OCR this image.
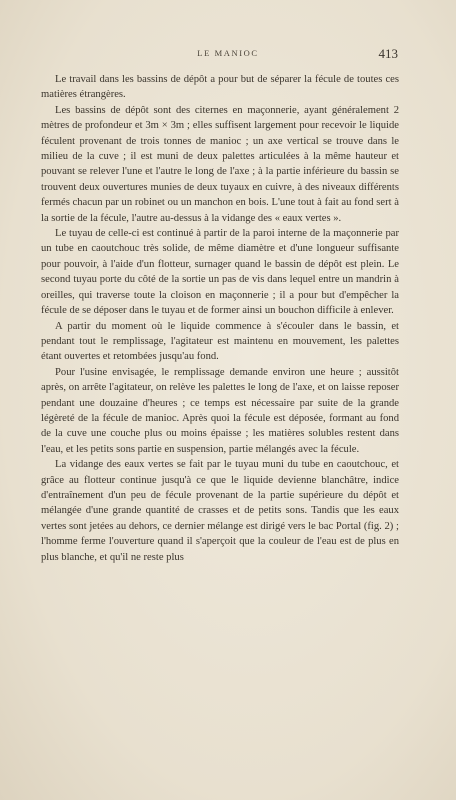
LE MANIOC	413

Le travail dans les bassins de dépôt a pour but de séparer la fécule de toutes ces matières étrangères.

Les bassins de dépôt sont des citernes en maçonnerie, ayant généralement 2 mètres de profondeur et 3m × 3m ; elles suffisent largement pour recevoir le liquide féculent provenant de trois tonnes de manioc ; un axe vertical se trouve dans le milieu de la cuve ; il est muni de deux palettes articulées à la même hauteur et pouvant se relever l'une et l'autre le long de l'axe ; à la partie inférieure du bassin se trouvent deux ouvertures munies de deux tuyaux en cuivre, à des niveaux différents fermés chacun par un robinet ou un manchon en bois. L'une tout à fait au fond sert à la sortie de la fécule, l'autre au-dessus à la vidange des « eaux vertes ».

Le tuyau de celle-ci est continué à partir de la paroi interne de la maçonnerie par un tube en caoutchouc très solide, de même diamètre et d'une longueur suffisante pour pouvoir, à l'aide d'un flotteur, surnager quand le bassin de dépôt est plein. Le second tuyau porte du côté de la sortie un pas de vis dans lequel entre un mandrin à oreilles, qui traverse toute la cloison en maçonnerie ; il a pour but d'empêcher la fécule de se déposer dans le tuyau et de former ainsi un bouchon difficile à enlever.

A partir du moment où le liquide commence à s'écouler dans le bassin, et pendant tout le remplissage, l'agitateur est maintenu en mouvement, les palettes étant ouvertes et retombées jusqu'au fond.

Pour l'usine envisagée, le remplissage demande environ une heure ; aussitôt après, on arrête l'agitateur, on relève les palettes le long de l'axe, et on laisse reposer pendant une douzaine d'heures ; ce temps est nécessaire par suite de la grande légèreté de la fécule de manioc. Après quoi la fécule est déposée, formant au fond de la cuve une couche plus ou moins épaisse ; les matières solubles restent dans l'eau, et les petits sons partie en suspension, partie mélangés avec la fécule.

La vidange des eaux vertes se fait par le tuyau muni du tube en caoutchouc, et grâce au flotteur continue jusqu'à ce que le liquide devienne blanchâtre, indice d'entraînement d'un peu de fécule provenant de la partie supérieure du dépôt et mélangée d'une grande quantité de crasses et de petits sons. Tandis que les eaux vertes sont jetées au dehors, ce dernier mélange est dirigé vers le bac Portal (fig. 2) ; l'homme ferme l'ouverture quand il s'aperçoit que la couleur de l'eau est de plus en plus blanche, et qu'il ne reste plus
